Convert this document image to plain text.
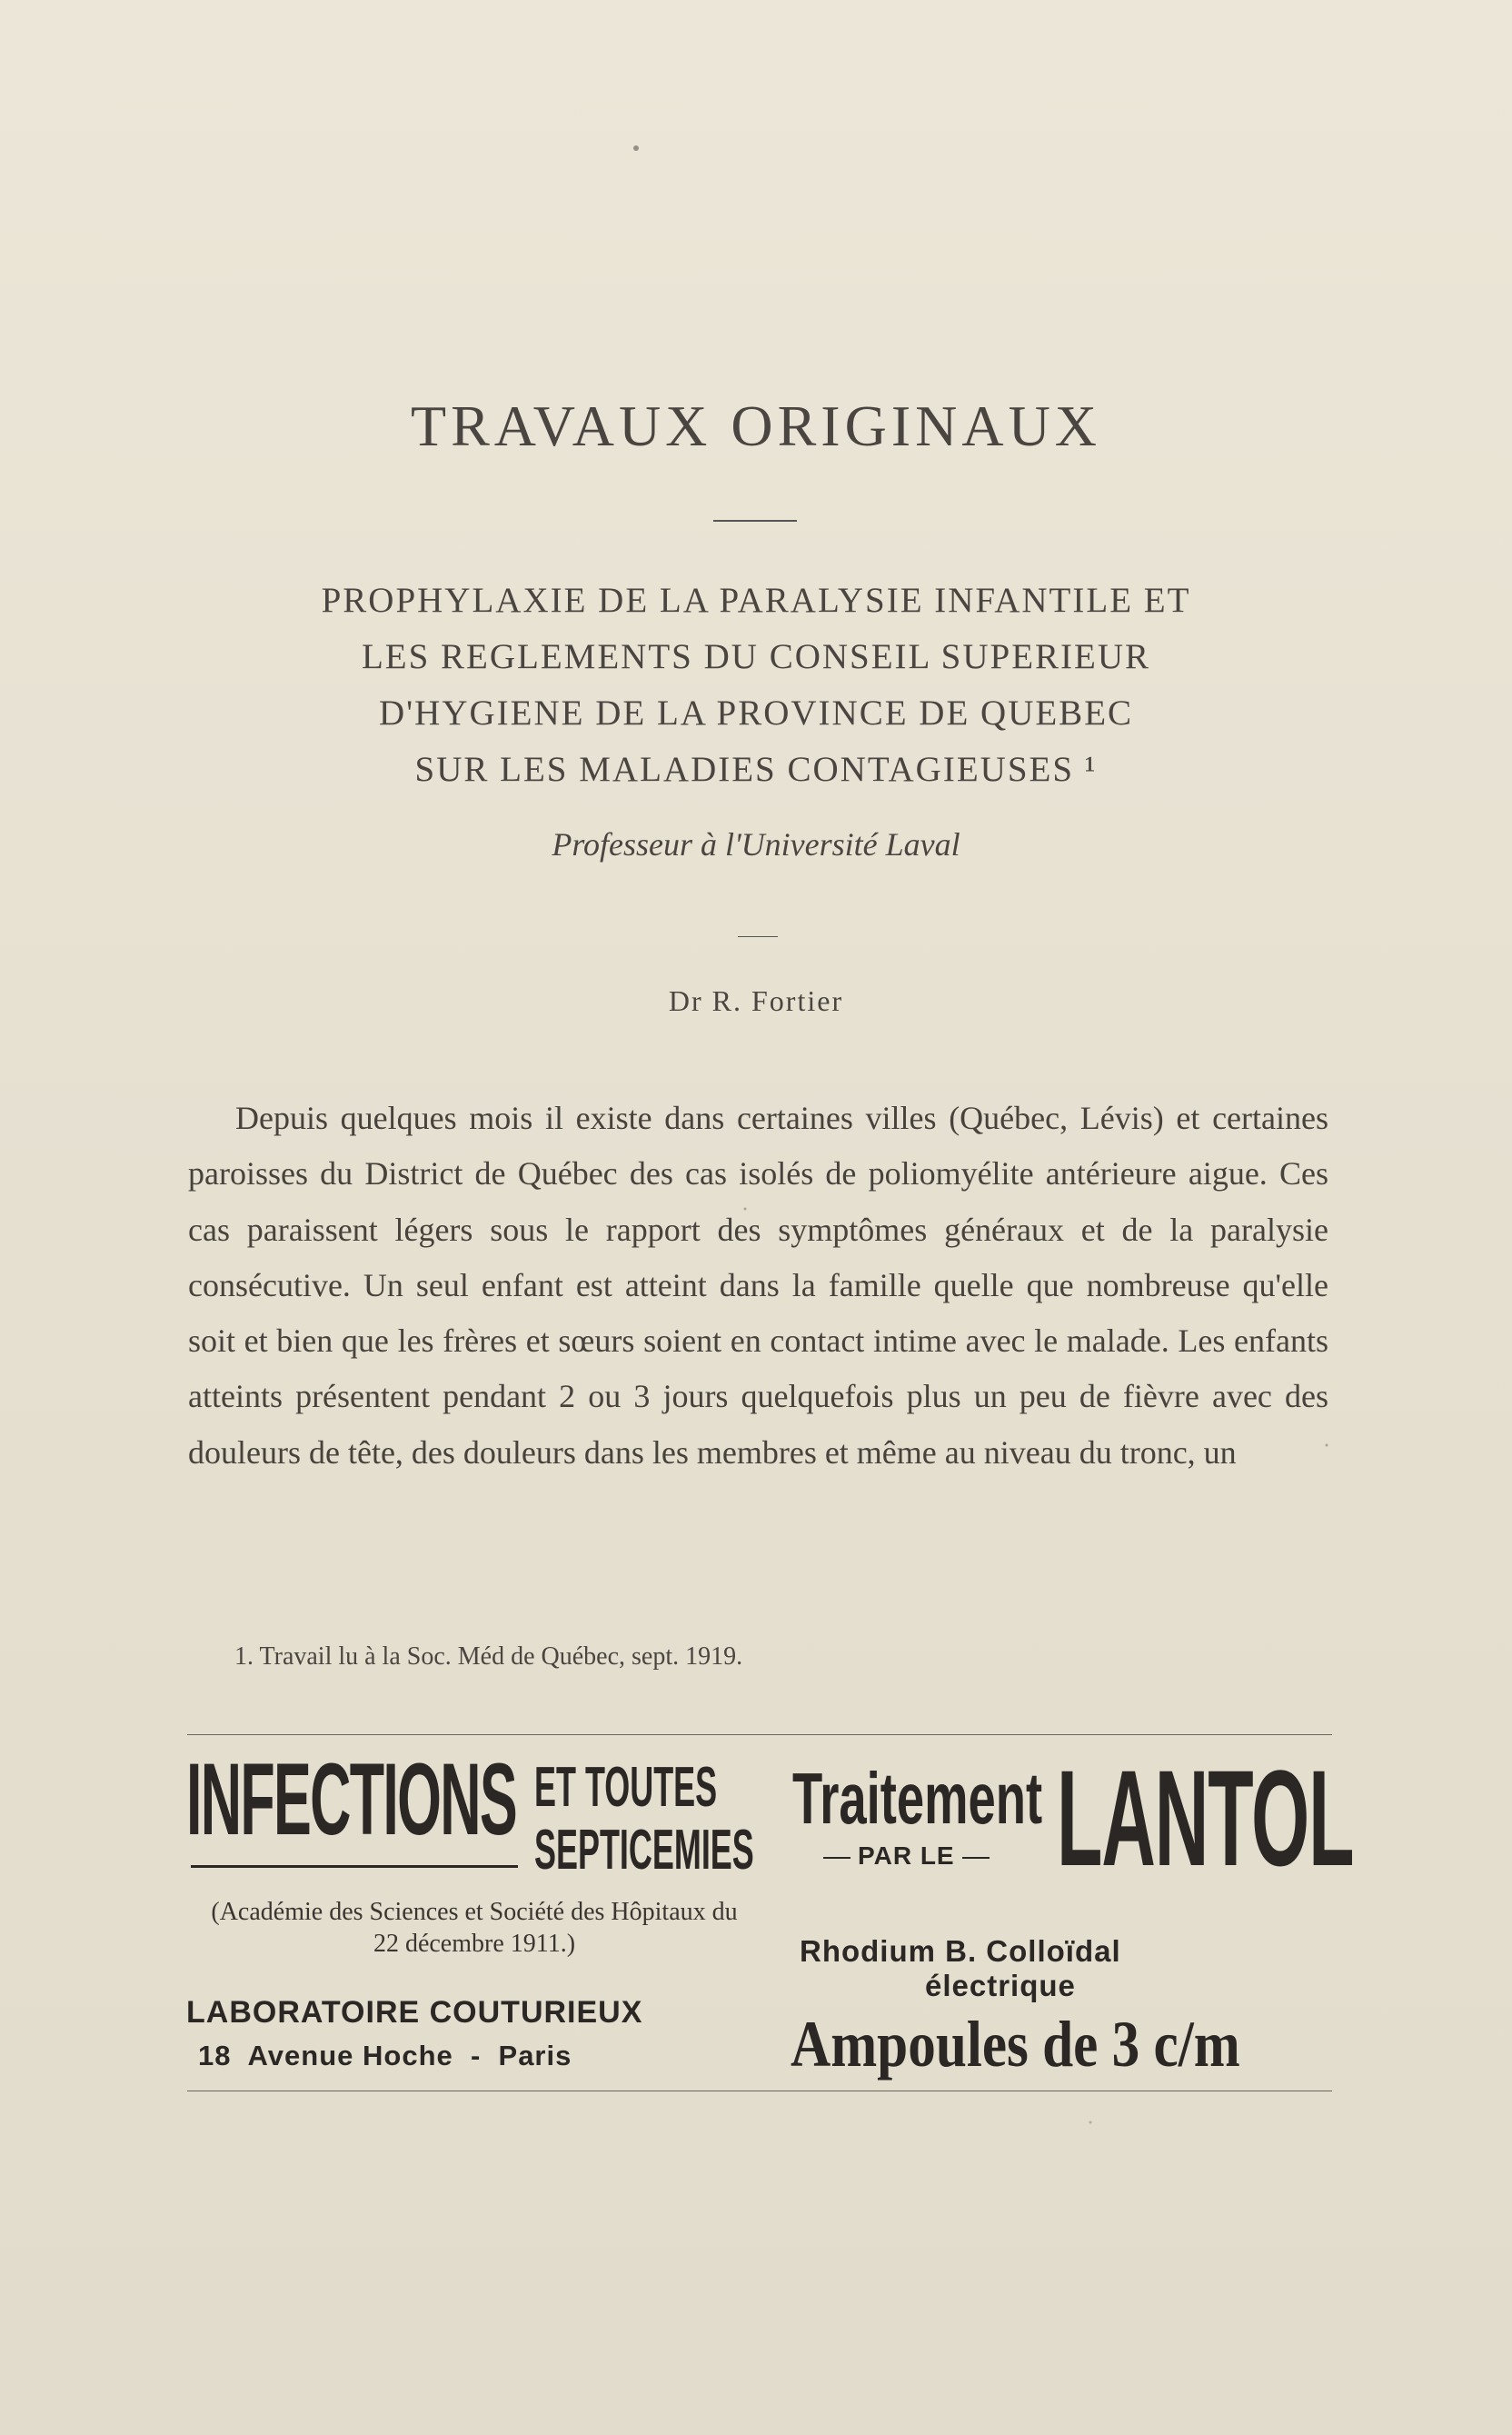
TRAVAUX ORIGINAUX
PROPHYLAXIE DE LA PARALYSIE INFANTILE ET
LES REGLEMENTS DU CONSEIL SUPERIEUR
D'HYGIENE DE LA PROVINCE DE QUEBEC
SUR LES MALADIES CONTAGIEUSES ¹
Professeur à l'Université Laval
Dr R. Fortier

Depuis quelques mois il existe dans certaines villes (Québec, Lévis) et certaines paroisses du District de Québec des cas isolés de poliomyélite antérieure aigue. Ces cas paraissent légers sous le rapport des symptômes généraux et de la paralysie consécutive. Un seul enfant est atteint dans la famille quelle que nombreuse qu'elle soit et bien que les frères et sœurs soient en contact intime avec le malade. Les enfants atteints présentent pendant 2 ou 3 jours quelquefois plus un peu de fièvre avec des douleurs de tête, des douleurs dans les membres et même au niveau du tronc, un

1. Travail lu à la Soc. Méd de Québec, sept. 1919.
INFECTIONS ET TOUTES
SEPTICEMIES
Traitement
PAR LE LANTOL
(Académie des Sciences et Société des Hôpitaux du 22 décembre 1911.)
LABORATOIRE COUTURIEUX
18  Avenue Hoche  -  Paris
Rhodium B. Colloïdal
électrique
Ampoules de 3 c/m
